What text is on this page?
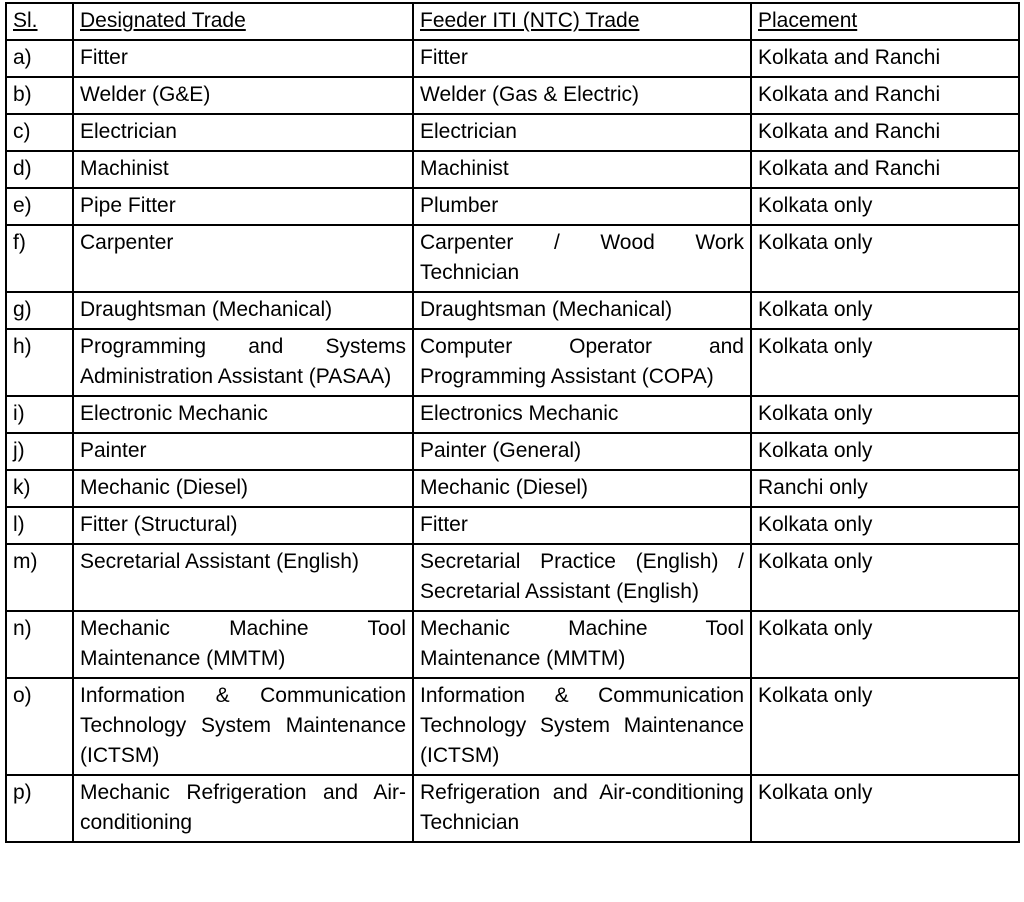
Sl.	Designated Trade	Feeder ITI (NTC) Trade	Placement
a)	Fitter	Fitter	Kolkata and Ranchi
b)	Welder (G&E)	Welder (Gas & Electric)	Kolkata and Ranchi
c)	Electrician	Electrician	Kolkata and Ranchi
d)	Machinist	Machinist	Kolkata and Ranchi
e)	Pipe Fitter	Plumber	Kolkata only
f)	Carpenter	Carpenter / Wood Work Technician	Kolkata only
g)	Draughtsman (Mechanical)	Draughtsman (Mechanical)	Kolkata only
h)	Programming and Systems Administration Assistant (PASAA)	Computer Operator and Programming Assistant (COPA)	Kolkata only
i)	Electronic Mechanic	Electronics Mechanic	Kolkata only
j)	Painter	Painter (General)	Kolkata only
k)	Mechanic (Diesel)	Mechanic (Diesel)	Ranchi only
l)	Fitter (Structural)	Fitter	Kolkata only
m)	Secretarial Assistant (English)	Secretarial Practice (English) / Secretarial Assistant (English)	Kolkata only
n)	Mechanic Machine Tool Maintenance (MMTM)	Mechanic Machine Tool Maintenance (MMTM)	Kolkata only
o)	Information & Communication Technology System Maintenance (ICTSM)	Information & Communication Technology System Maintenance (ICTSM)	Kolkata only
p)	Mechanic Refrigeration and Air-conditioning	Refrigeration and Air-conditioning Technician	Kolkata only
